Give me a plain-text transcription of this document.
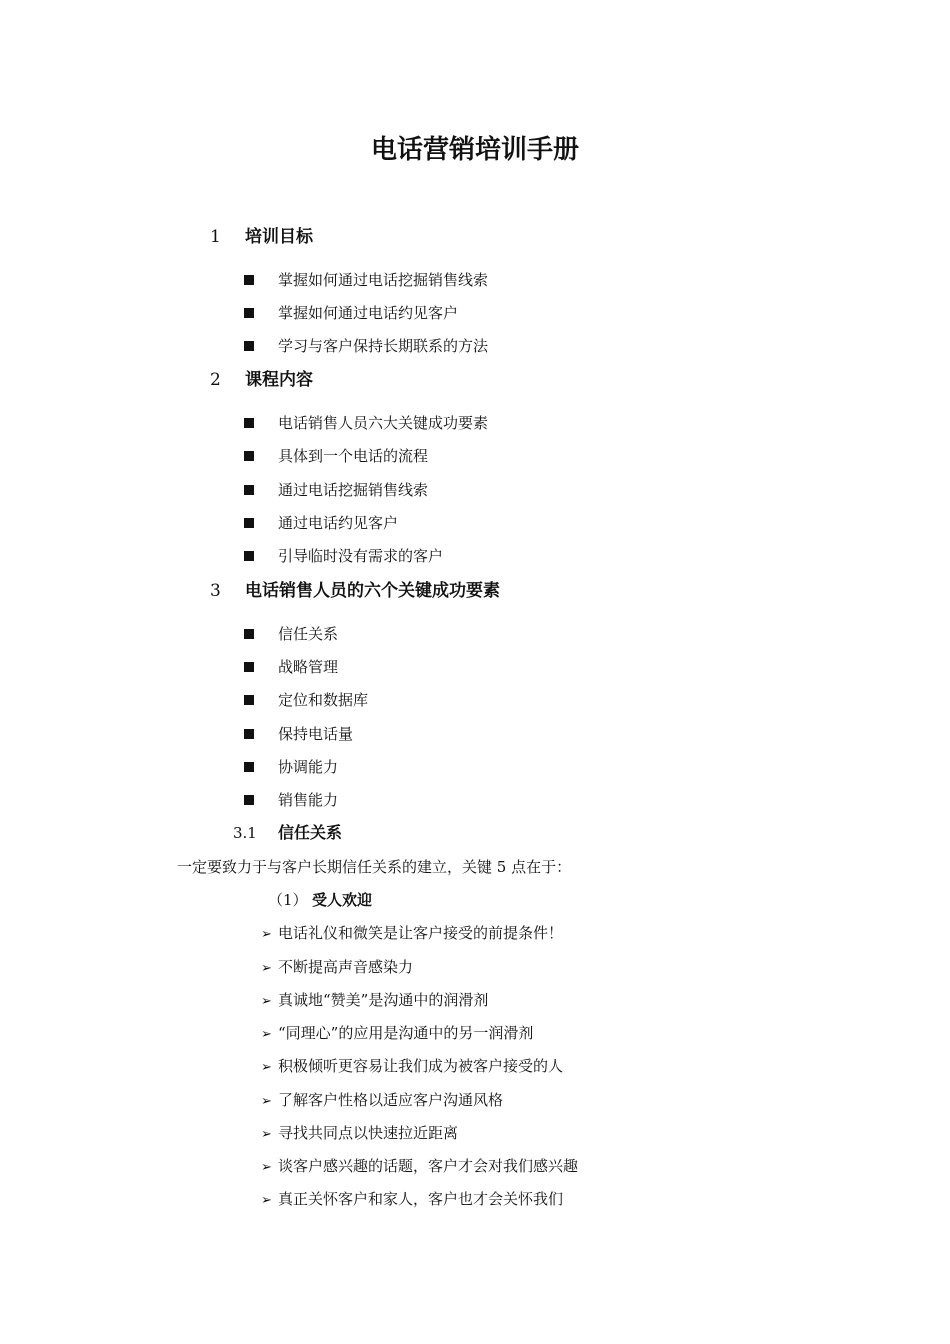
电话营销培训手册
1 培训目标
掌握如何通过电话挖掘销售线索
掌握如何通过电话约见客户
学习与客户保持长期联系的方法
2 课程内容
电话销售人员六大关键成功要素
具体到一个电话的流程
通过电话挖掘销售线索
通过电话约见客户
引导临时没有需求的客户
3 电话销售人员的六个关键成功要素
信任关系
战略管理
定位和数据库
保持电话量
协调能力
销售能力
3.1 信任关系
一定要致力于与客户长期信任关系的建立，关键 5 点在于：
（1） 受人欢迎
➢ 电话礼仪和微笑是让客户接受的前提条件！
➢ 不断提高声音感染力
➢ 真诚地“赞美”是沟通中的润滑剂
➢ “同理心”的应用是沟通中的另一润滑剂
➢ 积极倾听更容易让我们成为被客户接受的人
➢ 了解客户性格以适应客户沟通风格
➢ 寻找共同点以快速拉近距离
➢ 谈客户感兴趣的话题，客户才会对我们感兴趣
➢ 真正关怀客户和家人，客户也才会关怀我们
